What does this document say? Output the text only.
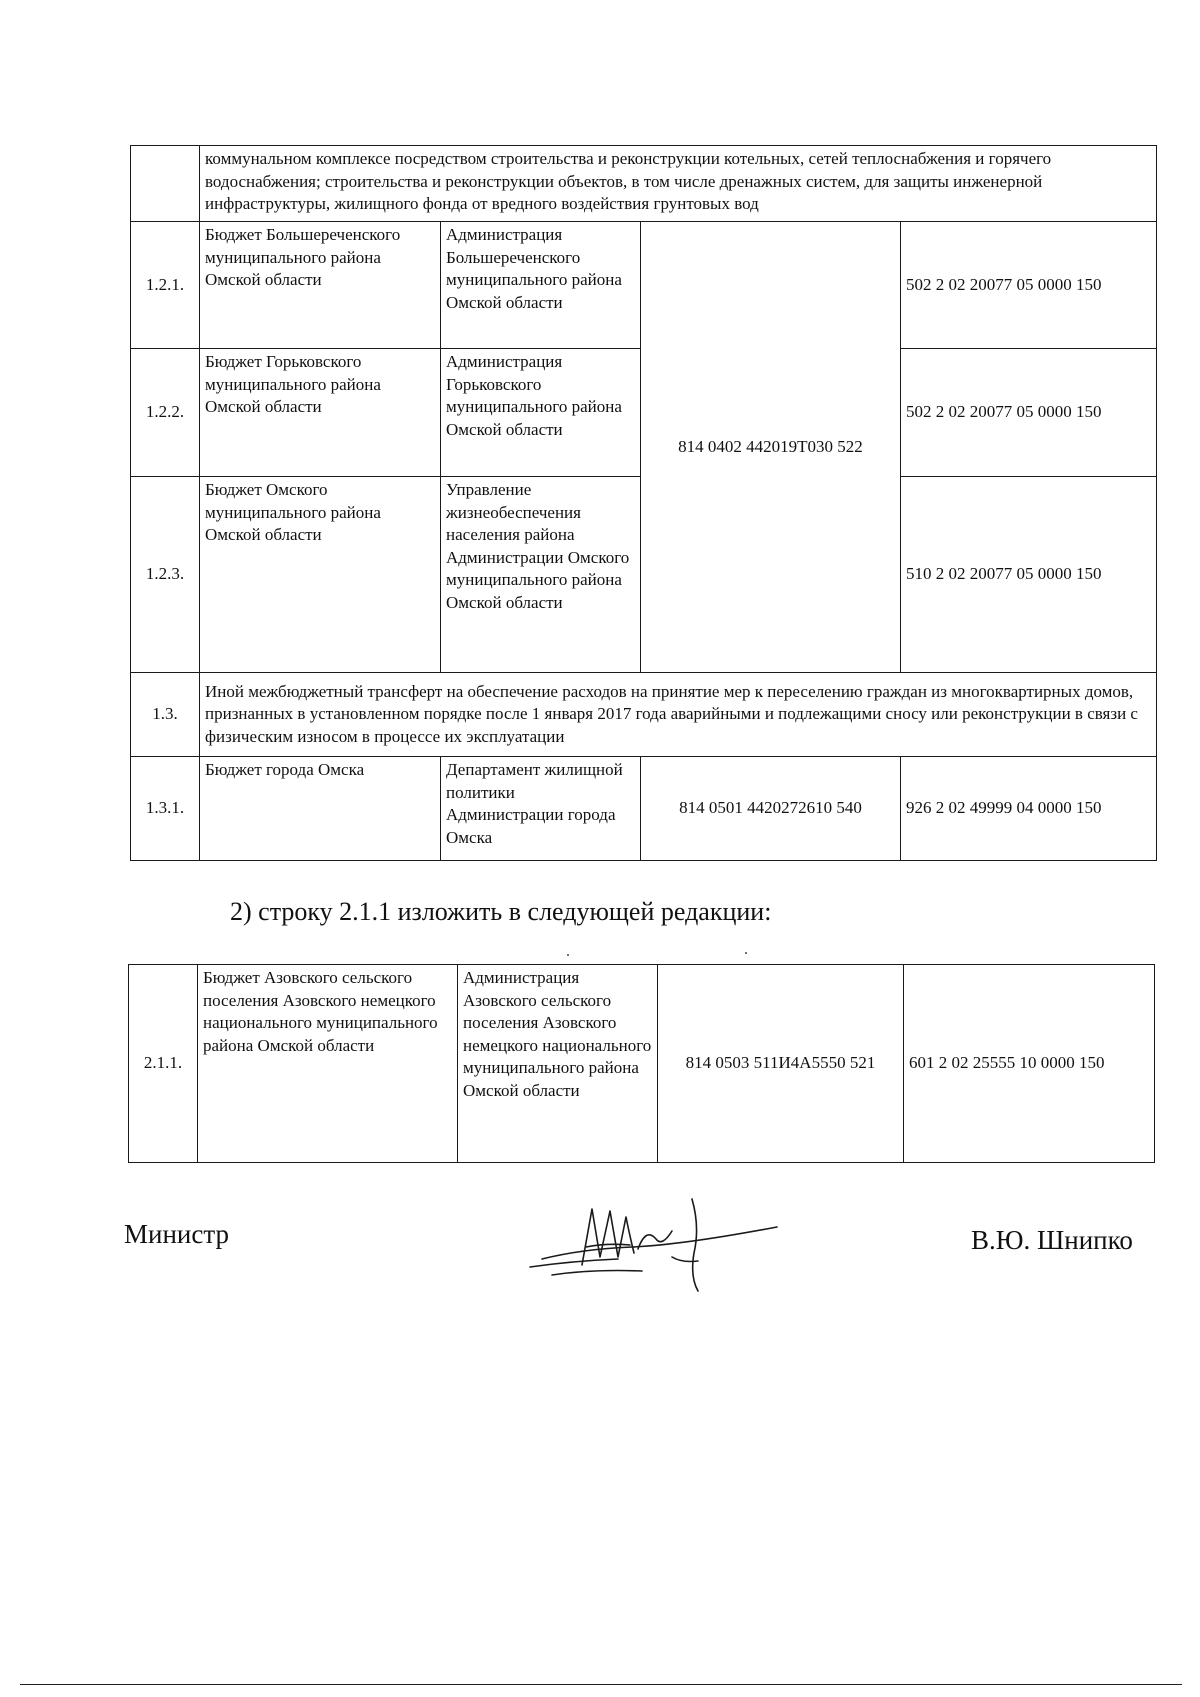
	коммунальном комплексе посредством строительства и реконструкции котельных, сетей теплоснабжения и горячего водоснабжения; строительства и реконструкции объектов, в том числе дренажных систем, для защиты инженерной инфраструктуры, жилищного фонда от вредного воздействия грунтовых вод			
1.2.1.	Бюджет Большереченского муниципального района Омской области	Администрация Большереченского муниципального района Омской области	814 0402 442019Т030 522	502 2 02 20077 05 0000 150
1.2.2.	Бюджет Горьковского муниципального района Омской области	Администрация Горьковского муниципального района Омской области		502 2 02 20077 05 0000 150
1.2.3.	Бюджет Омского муниципального района Омской области	Управление жизнеобеспечения населения района Администрации Омского муниципального района Омской области		510 2 02 20077 05 0000 150
1.3.	Иной межбюджетный трансферт на обеспечение расходов на принятие мер к переселению граждан из многоквартирных домов, признанных в установленном порядке после 1 января 2017 года аварийными и подлежащими сносу или реконструкции в связи с физическим износом в процессе их эксплуатации			
1.3.1.	Бюджет города Омска	Департамент жилищной политики Администрации города Омска	814 0501 4420272610 540	926 2 02 49999 04 0000 150
2) строку 2.1.1 изложить в следующей редакции:
2.1.1.	Бюджет Азовского сельского поселения Азовского немецкого национального муниципального района Омской области	Администрация Азовского сельского поселения Азовского немецкого национального муниципального района Омской области	814 0503 511И4А5550 521	601 2 02 25555 10 0000 150
Министр	В.Ю. Шнипко
